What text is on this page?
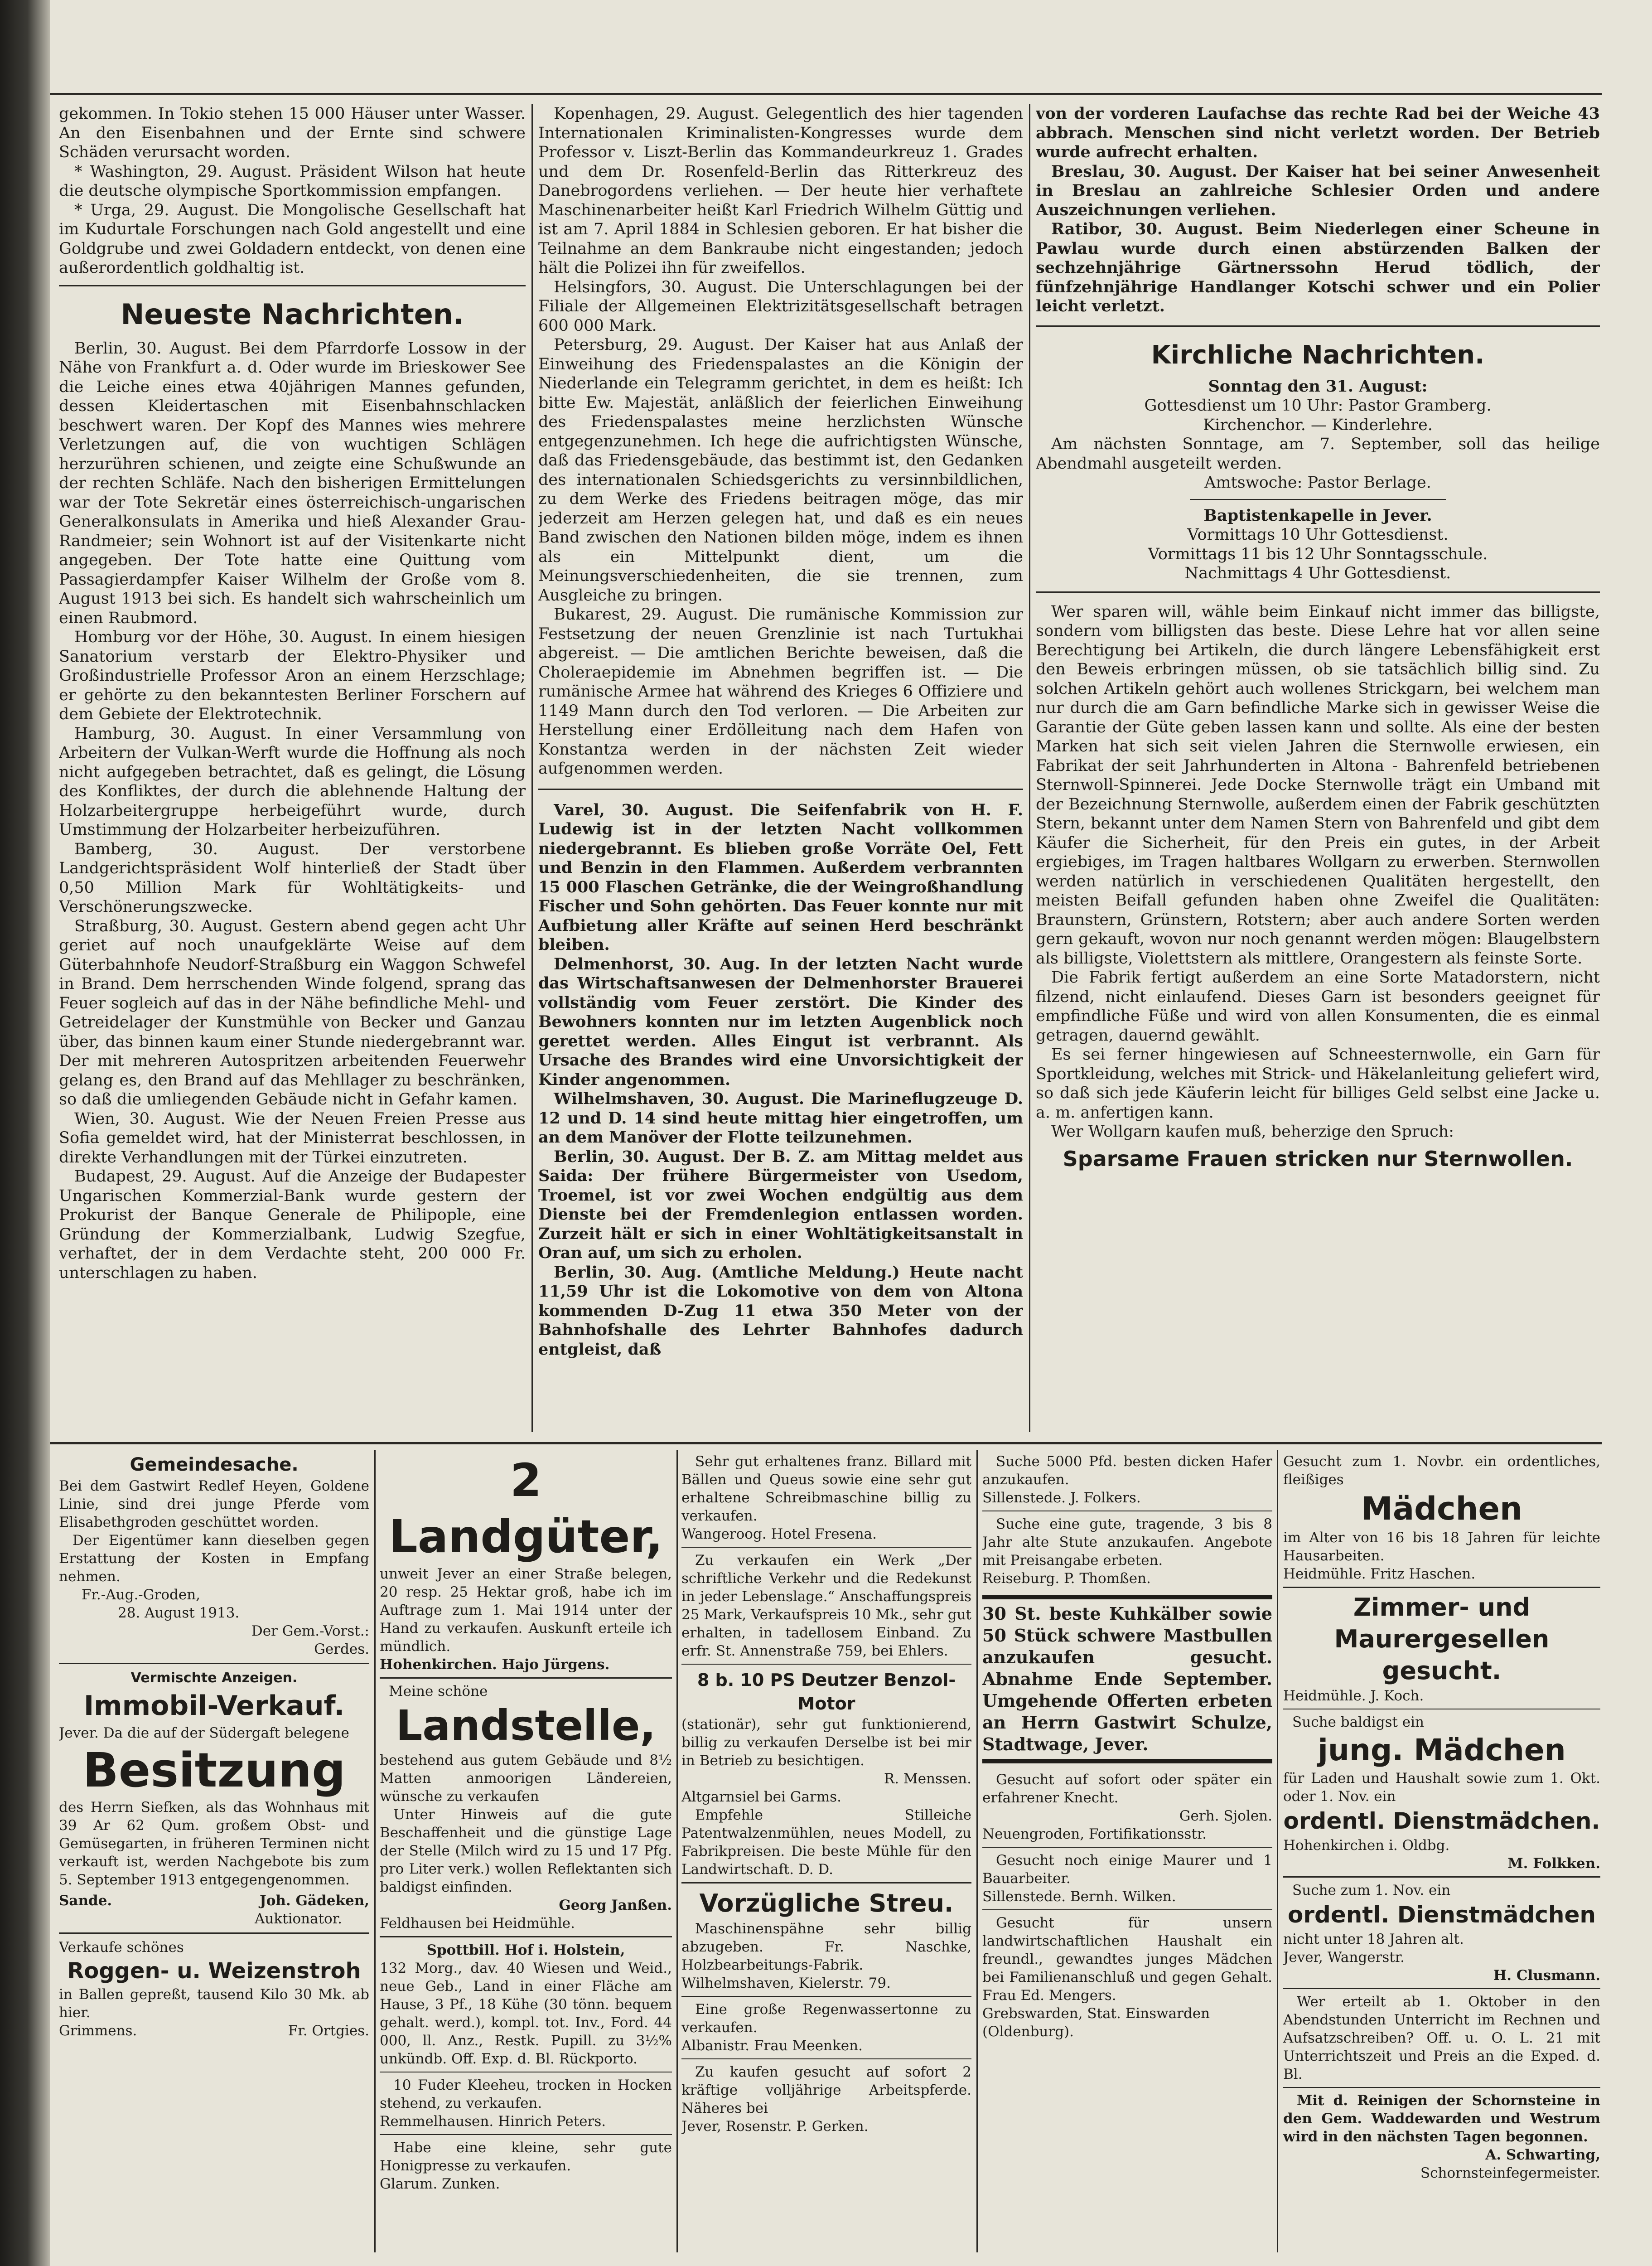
gekommen. In Tokio stehen 15 000 Häuser unter Wasser. An den Eisenbahnen und der Ernte sind schwere Schäden verursacht worden.

* Washington, 29. August. Präsident Wilson hat heute die deutsche olympische Sportkommission empfangen.

* Urga, 29. August. Die Mongolische Gesellschaft hat im Kudurtale Forschungen nach Gold angestellt und eine Goldgrube und zwei Goldadern entdeckt, von denen eine außerordentlich goldhaltig ist.

Neueste Nachrichten.

Berlin, 30. August. Bei dem Pfarrdorfe Lossow in der Nähe von Frankfurt a. d. Oder wurde im Brieskower See die Leiche eines etwa 40jährigen Mannes gefunden, dessen Kleidertaschen mit Eisenbahnschlacken beschwert waren. Der Kopf des Mannes wies mehrere Verletzungen auf, die von wuchtigen Schlägen herzurühren schienen, und zeigte eine Schußwunde an der rechten Schläfe. Nach den bisherigen Ermittelungen war der Tote Sekretär eines österreichisch-ungarischen Generalkonsulats in Amerika und hieß Alexander Grau-Randmeier; sein Wohnort ist auf der Visitenkarte nicht angegeben. Der Tote hatte eine Quittung vom Passagierdampfer Kaiser Wilhelm der Große vom 8. August 1913 bei sich. Es handelt sich wahrscheinlich um einen Raubmord.

Homburg vor der Höhe, 30. August. In einem hiesigen Sanatorium verstarb der Elektro-Physiker und Großindustrielle Professor Aron an einem Herzschlage; er gehörte zu den bekanntesten Berliner Forschern auf dem Gebiete der Elektrotechnik.

Hamburg, 30. August. In einer Versammlung von Arbeitern der Vulkan-Werft wurde die Hoffnung als noch nicht aufgegeben betrachtet, daß es gelingt, die Lösung des Konfliktes, der durch die ablehnende Haltung der Holzarbeitergruppe herbeigeführt wurde, durch Umstimmung der Holzarbeiter herbeizuführen.

Bamberg, 30. August. Der verstorbene Landgerichtspräsident Wolf hinterließ der Stadt über 0,50 Million Mark für Wohltätigkeits- und Verschönerungszwecke.

Straßburg, 30. August. Gestern abend gegen acht Uhr geriet auf noch unaufgeklärte Weise auf dem Güterbahnhofe Neudorf-Straßburg ein Waggon Schwefel in Brand. Dem herrschenden Winde folgend, sprang das Feuer sogleich auf das in der Nähe befindliche Mehl- und Getreidelager der Kunstmühle von Becker und Ganzau über, das binnen kaum einer Stunde niedergebrannt war. Der mit mehreren Autospritzen arbeitenden Feuerwehr gelang es, den Brand auf das Mehllager zu beschränken, so daß die umliegenden Gebäude nicht in Gefahr kamen.

Wien, 30. August. Wie der Neuen Freien Presse aus Sofia gemeldet wird, hat der Ministerrat beschlossen, in direkte Verhandlungen mit der Türkei einzutreten.

Budapest, 29. August. Auf die Anzeige der Budapester Ungarischen Kommerzial-Bank wurde gestern der Prokurist der Banque Generale de Philipople, eine Gründung der Kommerzialbank, Ludwig Szegfue, verhaftet, der in dem Verdachte steht, 200 000 Fr. unterschlagen zu haben.

Kopenhagen, 29. August. Gelegentlich des hier tagenden Internationalen Kriminalisten-Kongresses wurde dem Professor v. Liszt-Berlin das Kommandeurkreuz 1. Grades und dem Dr. Rosenfeld-Berlin das Ritterkreuz des Danebrogordens verliehen. — Der heute hier verhaftete Maschinenarbeiter heißt Karl Friedrich Wilhelm Güttig und ist am 7. April 1884 in Schlesien geboren. Er hat bisher die Teilnahme an dem Bankraube nicht eingestanden; jedoch hält die Polizei ihn für zweifellos.

Helsingfors, 30. August. Die Unterschlagungen bei der Filiale der Allgemeinen Elektrizitätsgesellschaft betragen 600 000 Mark.

Petersburg, 29. August. Der Kaiser hat aus Anlaß der Einweihung des Friedenspalastes an die Königin der Niederlande ein Telegramm gerichtet, in dem es heißt: Ich bitte Ew. Majestät, anläßlich der feierlichen Einweihung des Friedenspalastes meine herzlichsten Wünsche entgegenzunehmen. Ich hege die aufrichtigsten Wünsche, daß das Friedensgebäude, das bestimmt ist, den Gedanken des internationalen Schiedsgerichts zu versinnbildlichen, zu dem Werke des Friedens beitragen möge, das mir jederzeit am Herzen gelegen hat, und daß es ein neues Band zwischen den Nationen bilden möge, indem es ihnen als ein Mittelpunkt dient, um die Meinungsverschiedenheiten, die sie trennen, zum Ausgleiche zu bringen.

Bukarest, 29. August. Die rumänische Kommission zur Festsetzung der neuen Grenzlinie ist nach Turtukhai abgereist. — Die amtlichen Berichte beweisen, daß die Choleraepidemie im Abnehmen begriffen ist. — Die rumänische Armee hat während des Krieges 6 Offiziere und 1149 Mann durch den Tod verloren. — Die Arbeiten zur Herstellung einer Erdölleitung nach dem Hafen von Konstantza werden in der nächsten Zeit wieder aufgenommen werden.

Varel, 30. August. Die Seifenfabrik von H. F. Ludewig ist in der letzten Nacht vollkommen niedergebrannt. Es blieben große Vorräte Oel, Fett und Benzin in den Flammen. Außerdem verbrannten 15 000 Flaschen Getränke, die der Weingroßhandlung Fischer und Sohn gehörten. Das Feuer konnte nur mit Aufbietung aller Kräfte auf seinen Herd beschränkt bleiben.

Delmenhorst, 30. Aug. In der letzten Nacht wurde das Wirtschaftsanwesen der Delmenhorster Brauerei vollständig vom Feuer zerstört. Die Kinder des Bewohners konnten nur im letzten Augenblick noch gerettet werden. Alles Eingut ist verbrannt. Als Ursache des Brandes wird eine Unvorsichtigkeit der Kinder angenommen.

Wilhelmshaven, 30. August. Die Marineflugzeuge D. 12 und D. 14 sind heute mittag hier eingetroffen, um an dem Manöver der Flotte teilzunehmen.

Berlin, 30. August. Der B. Z. am Mittag meldet aus Saida: Der frühere Bürgermeister von Usedom, Troemel, ist vor zwei Wochen endgültig aus dem Dienste bei der Fremdenlegion entlassen worden. Zurzeit hält er sich in einer Wohltätigkeitsanstalt in Oran auf, um sich zu erholen.

Berlin, 30. Aug. (Amtliche Meldung.) Heute nacht 11,59 Uhr ist die Lokomotive von dem von Altona kommenden D-Zug 11 etwa 350 Meter von der Bahnhofshalle des Lehrter Bahnhofes dadurch entgleist, daß

von der vorderen Laufachse das rechte Rad bei der Weiche 43 abbrach. Menschen sind nicht verletzt worden. Der Betrieb wurde aufrecht erhalten.

Breslau, 30. August. Der Kaiser hat bei seiner Anwesenheit in Breslau an zahlreiche Schlesier Orden und andere Auszeichnungen verliehen.

Ratibor, 30. August. Beim Niederlegen einer Scheune in Pawlau wurde durch einen abstürzenden Balken der sechzehnjährige Gärtnerssohn Herud tödlich, der fünfzehnjährige Handlanger Kotschi schwer und ein Polier leicht verletzt.

Kirchliche Nachrichten.

Sonntag den 31. August:

Gottesdienst um 10 Uhr: Pastor Gramberg.

Kirchenchor. — Kinderlehre.

Am nächsten Sonntage, am 7. September, soll das heilige Abendmahl ausgeteilt werden.

Amtswoche: Pastor Berlage.

Baptistenkapelle in Jever.

Vormittags 10 Uhr Gottesdienst.

Vormittags 11 bis 12 Uhr Sonntagsschule.

Nachmittags 4 Uhr Gottesdienst.

Wer sparen will, wähle beim Einkauf nicht immer das billigste, sondern vom billigsten das beste. Diese Lehre hat vor allen seine Berechtigung bei Artikeln, die durch längere Lebensfähigkeit erst den Beweis erbringen müssen, ob sie tatsächlich billig sind. Zu solchen Artikeln gehört auch wollenes Strickgarn, bei welchem man nur durch die am Garn befindliche Marke sich in gewisser Weise die Garantie der Güte geben lassen kann und sollte. Als eine der besten Marken hat sich seit vielen Jahren die Sternwolle erwiesen, ein Fabrikat der seit Jahrhunderten in Altona - Bahrenfeld betriebenen Sternwoll-Spinnerei. Jede Docke Sternwolle trägt ein Umband mit der Bezeichnung Sternwolle, außerdem einen der Fabrik geschützten Stern, bekannt unter dem Namen Stern von Bahrenfeld und gibt dem Käufer die Sicherheit, für den Preis ein gutes, in der Arbeit ergiebiges, im Tragen haltbares Wollgarn zu erwerben. Sternwollen werden natürlich in verschiedenen Qualitäten hergestellt, den meisten Beifall gefunden haben ohne Zweifel die Qualitäten: Braunstern, Grünstern, Rotstern; aber auch andere Sorten werden gern gekauft, wovon nur noch genannt werden mögen: Blaugelbstern als billigste, Violettstern als mittlere, Orangestern als feinste Sorte.

Die Fabrik fertigt außerdem an eine Sorte Matadorstern, nicht filzend, nicht einlaufend. Dieses Garn ist besonders geeignet für empfindliche Füße und wird von allen Konsumenten, die es einmal getragen, dauernd gewählt.

Es sei ferner hingewiesen auf Schneesternwolle, ein Garn für Sportkleidung, welches mit Strick- und Häkelanleitung geliefert wird, so daß sich jede Käuferin leicht für billiges Geld selbst eine Jacke u. a. m. anfertigen kann.

Wer Wollgarn kaufen muß, beherzige den Spruch:

Sparsame Frauen stricken nur Sternwollen.

Gemeindesache.

Bei dem Gastwirt Redlef Heyen, Goldene Linie, sind drei junge Pferde vom Elisabethgroden geschüttet worden.

Der Eigentümer kann dieselben gegen Erstattung der Kosten in Empfang nehmen.

Fr.-Aug.-Groden,

28. August 1913.

Der Gem.-Vorst.:

Gerdes.

Vermischte Anzeigen.

Immobil-Verkauf.

Jever. Da die auf der Südergaft belegene

Besitzung

des Herrn Siefken, als das Wohnhaus mit 39 Ar 62 Qum. großem Obst- und Gemüsegarten, in früheren Terminen nicht verkauft ist, werden Nachgebote bis zum 5. September 1913 entgegengenommen.

Sande.	Joh. Gädeken,

Auktionator.

Verkaufe schönes

Roggen- u. Weizenstroh

in Ballen gepreßt, tausend Kilo 30 Mk. ab hier.

Grimmens.	Fr. Ortgies.

2 Landgüter,

unweit Jever an einer Straße belegen, 20 resp. 25 Hektar groß, habe ich im Auftrage zum 1. Mai 1914 unter der Hand zu verkaufen. Auskunft erteile ich mündlich.

Hohenkirchen. Hajo Jürgens.

Meine schöne

Landstelle,

bestehend aus gutem Gebäude und 8½ Matten anmoorigen Ländereien, wünsche zu verkaufen

Unter Hinweis auf die gute Beschaffenheit und die günstige Lage der Stelle (Milch wird zu 15 und 17 Pfg. pro Liter verk.) wollen Reflektanten sich baldigst einfinden.

Georg Janßen.

Feldhausen bei Heidmühle.

Spottbill. Hof i. Holstein,

132 Morg., dav. 40 Wiesen und Weid., neue Geb., Land in einer Fläche am Hause, 3 Pf., 18 Kühe (30 tönn. bequem gehalt. werd.), kompl. tot. Inv., Ford. 44 000, ll. Anz., Restk. Pupill. zu 3½% unkündb. Off. Exp. d. Bl. Rückporto.

10 Fuder Kleeheu, trocken in Hocken stehend, zu verkaufen.

Remmelhausen. Hinrich Peters.

Habe eine kleine, sehr gute Honigpresse zu verkaufen.

Glarum. Zunken.

Sehr gut erhaltenes franz. Billard mit Bällen und Queus sowie eine sehr gut erhaltene Schreibmaschine billig zu verkaufen.

Wangeroog. Hotel Fresena.

Zu verkaufen ein Werk „Der schriftliche Verkehr und die Redekunst in jeder Lebenslage.“ Anschaffungspreis 25 Mark, Verkaufspreis 10 Mk., sehr gut erhalten, in tadellosem Einband. Zu erfr. St. Annenstraße 759, bei Ehlers.

8 b. 10 PS Deutzer Benzol-Motor

(stationär), sehr gut funktionierend, billig zu verkaufen Derselbe ist bei mir in Betrieb zu besichtigen.

R. Menssen.

Altgarnsiel bei Garms.

Empfehle Stilleiche Patentwalzenmühlen, neues Modell, zu Fabrikpreisen. Die beste Mühle für den Landwirtschaft. D. D.

Vorzügliche Streu.

Maschinenspähne sehr billig abzugeben. Fr. Naschke, Holzbearbeitungs-Fabrik. Wilhelmshaven, Kielerstr. 79.

Eine große Regenwassertonne zu verkaufen.

Albanistr. Frau Meenken.

Zu kaufen gesucht auf sofort 2 kräftige volljährige Arbeitspferde. Näheres bei

Jever, Rosenstr. P. Gerken.

Suche 5000 Pfd. besten dicken Hafer anzukaufen.

Sillenstede. J. Folkers.

Suche eine gute, tragende, 3 bis 8 Jahr alte Stute anzukaufen. Angebote mit Preisangabe erbeten.

Reiseburg. P. Thomßen.

30 St. beste Kuhkälber sowie 50 Stück schwere Mastbullen anzukaufen gesucht. Abnahme Ende September. Umgehende Offerten erbeten an Herrn Gastwirt Schulze, Stadtwage, Jever.

Gesucht auf sofort oder später ein erfahrener Knecht.

Gerh. Sjolen.

Neuengroden, Fortifikationsstr.

Gesucht noch einige Maurer und 1 Bauarbeiter.

Sillenstede. Bernh. Wilken.

Gesucht für unsern landwirtschaftlichen Haushalt ein freundl., gewandtes junges Mädchen bei Familienanschluß und gegen Gehalt. Frau Ed. Mengers.

Grebswarden, Stat. Einswarden

(Oldenburg).

Gesucht zum 1. Novbr. ein ordentliches, fleißiges

Mädchen

im Alter von 16 bis 18 Jahren für leichte Hausarbeiten.

Heidmühle. Fritz Haschen.

Zimmer- und Maurergesellen gesucht.

Heidmühle. J. Koch.

Suche baldigst ein

jung. Mädchen

für Laden und Haushalt sowie zum 1. Okt. oder 1. Nov. ein

ordentl. Dienstmädchen.

Hohenkirchen i. Oldbg.

M. Folkken.

Suche zum 1. Nov. ein

ordentl. Dienstmädchen

nicht unter 18 Jahren alt.

Jever, Wangerstr.

H. Clusmann.

Wer erteilt ab 1. Oktober in den Abendstunden Unterricht im Rechnen und Aufsatzschreiben? Off. u. O. L. 21 mit Unterrichtszeit und Preis an die Exped. d. Bl.

Mit d. Reinigen der Schornsteine in den Gem. Waddewarden und Westrum wird in den nächsten Tagen begonnen.

A. Schwarting,

Schornsteinfegermeister.
